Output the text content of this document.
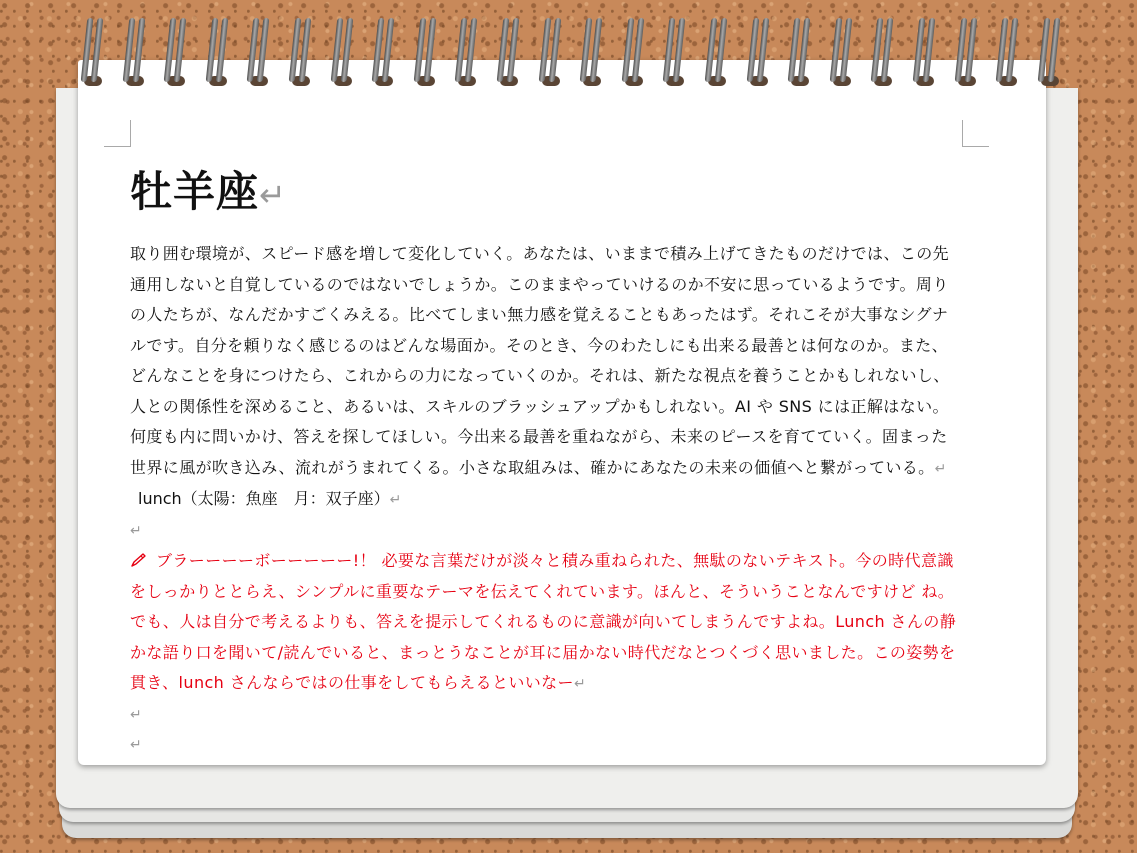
牡羊座↵

取り囲む環境が、スピード感を増して変化していく。あなたは、いままで積み上げてきたものだけでは、この先通用しないと自覚しているのではないでしょうか。このままやっていけるのか不安に思っているようです。周りの人たちが、なんだかすごくみえる。比べてしまい無力感を覚えることもあったはず。それこそが大事なシグナルです。自分を頼りなく感じるのはどんな場面か。そのとき、今のわたしにも出来る最善とは何なのか。また、どんなことを身につけたら、これからの力になっていくのか。それは、新たな視点を養うことかもしれないし、人との関係性を深めること、あるいは、スキルのブラッシュアップかもしれない。AI や SNS には正解はない。何度も内に問いかけ、答えを探してほしい。今出来る最善を重ねながら、未来のピースを育てていく。固まった世界に風が吹き込み、流れがうまれてくる。小さな取組みは、確かにあなたの未来の価値へと繋がっている。↵

lunch（太陽：魚座　月：双子座）↵

↵

ブラーーーーボーーーーー!！ 必要な言葉だけが淡々と積み重ねられた、無駄のないテキスト。今の時代意識をしっかりととらえ、シンプルに重要なテーマを伝えてくれています。ほんと、そういうことなんですけど ね。でも、人は自分で考えるよりも、答えを提示してくれるものに意識が向いてしまうんですよね。Lunch さんの静かな語り口を聞いて/読んでいると、まっとうなことが耳に届かない時代だなとつくづく思いました。この姿勢を貫き、lunch さんならではの仕事をしてもらえるといいなー↵

↵

↵
